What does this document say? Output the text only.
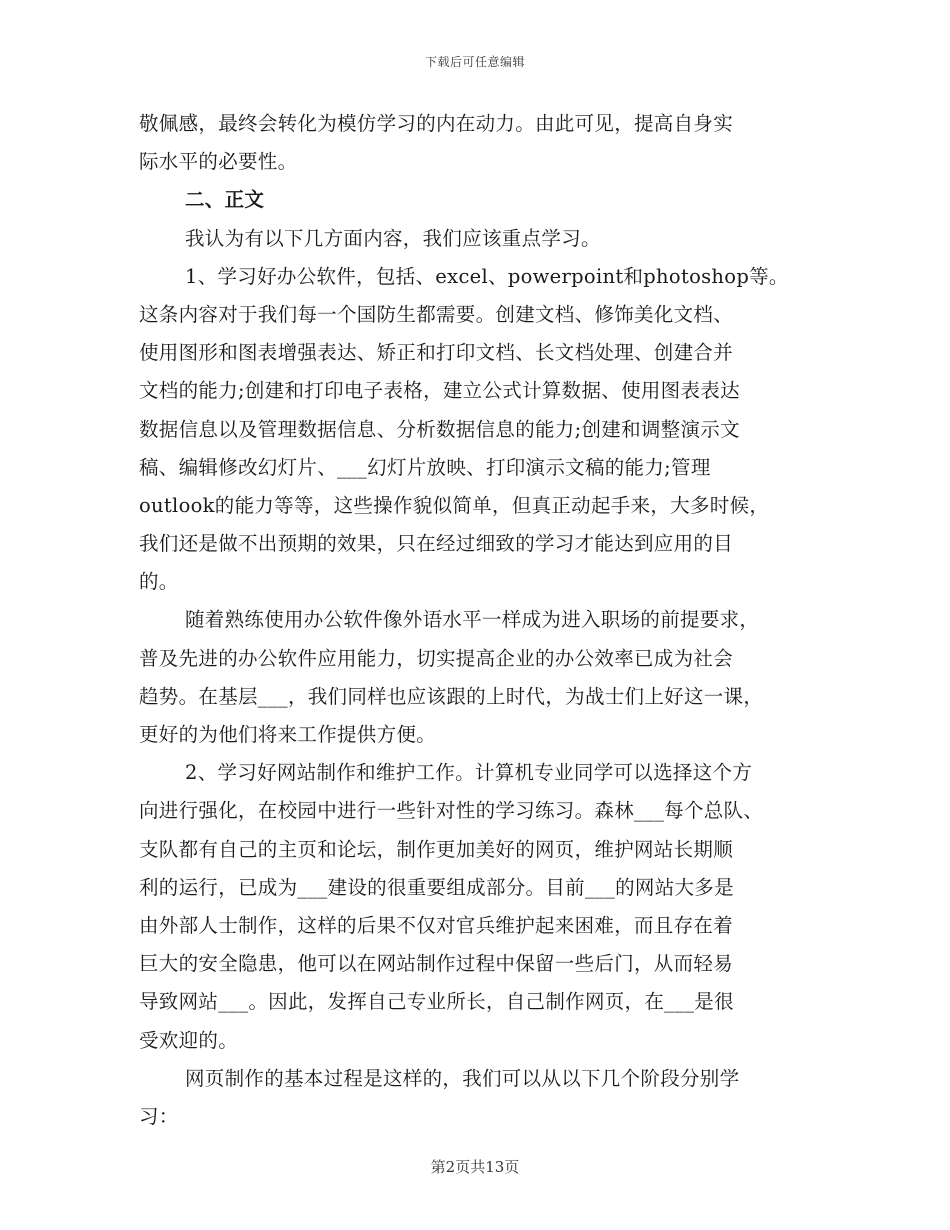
下载后可任意编辑
敬佩感，最终会转化为模仿学习的内在动力。由此可见，提高自身实
际水平的必要性。
二、正文
我认为有以下几方面内容，我们应该重点学习。
1、学习好办公软件，包括、excel、powerpoint和photoshop等。
这条内容对于我们每一个国防生都需要。创建文档、修饰美化文档、
使用图形和图表增强表达、矫正和打印文档、长文档处理、创建合并
文档的能力;创建和打印电子表格，建立公式计算数据、使用图表表达
数据信息以及管理数据信息、分析数据信息的能力;创建和调整演示文
稿、编辑修改幻灯片、___幻灯片放映、打印演示文稿的能力;管理
outlook的能力等等，这些操作貌似简单，但真正动起手来，大多时候，
我们还是做不出预期的效果，只在经过细致的学习才能达到应用的目
的。
随着熟练使用办公软件像外语水平一样成为进入职场的前提要求，
普及先进的办公软件应用能力，切实提高企业的办公效率已成为社会
趋势。在基层___，我们同样也应该跟的上时代，为战士们上好这一课，
更好的为他们将来工作提供方便。
2、学习好网站制作和维护工作。计算机专业同学可以选择这个方
向进行强化，在校园中进行一些针对性的学习练习。森林___每个总队、
支队都有自己的主页和论坛，制作更加美好的网页，维护网站长期顺
利的运行，已成为___建设的很重要组成部分。目前___的网站大多是
由外部人士制作，这样的后果不仅对官兵维护起来困难，而且存在着
巨大的安全隐患，他可以在网站制作过程中保留一些后门，从而轻易
导致网站___。因此，发挥自己专业所长，自己制作网页，在___是很
受欢迎的。
网页制作的基本过程是这样的，我们可以从以下几个阶段分别学
习：
第2页共13页
